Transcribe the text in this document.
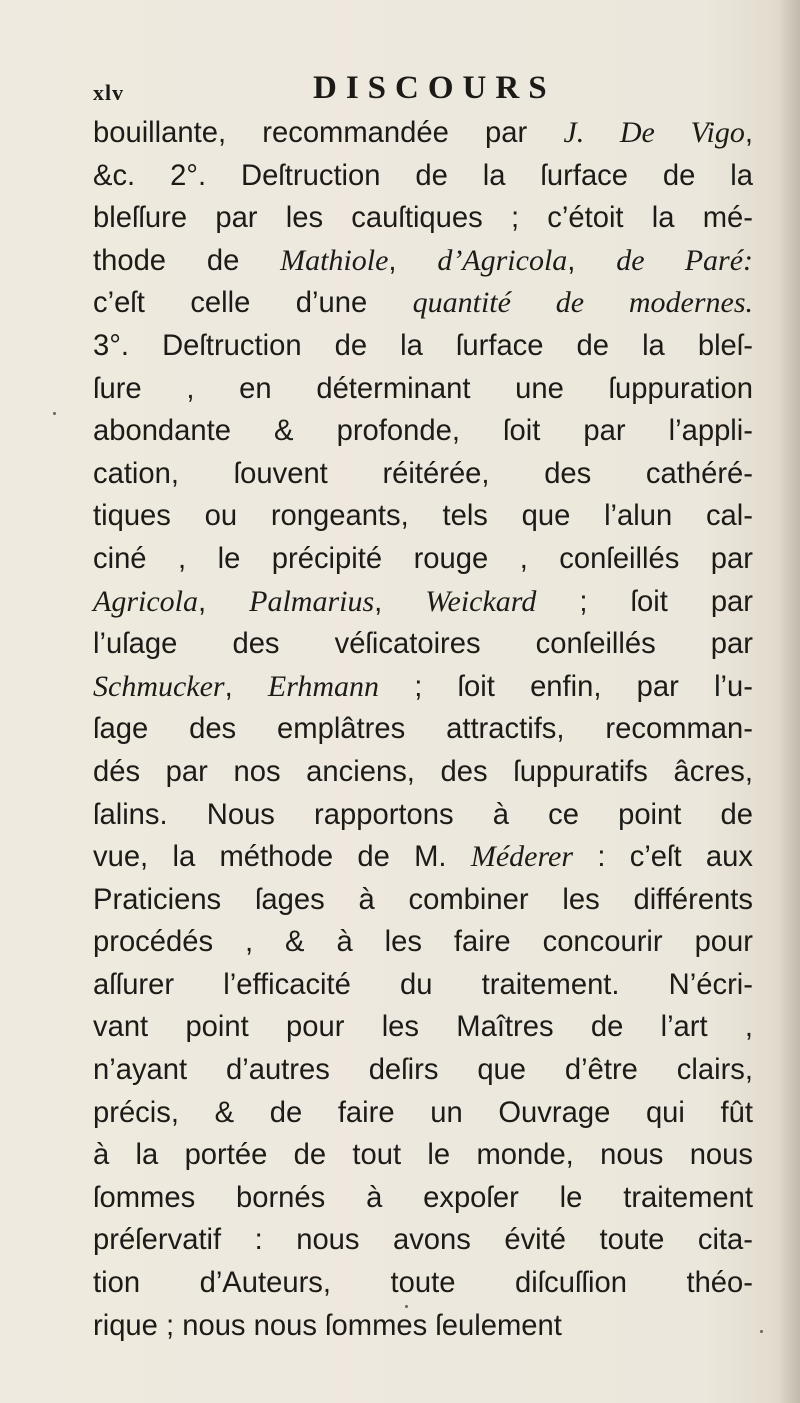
xlv	DISCOURS
bouillante, recommandée par J. De Vigo,
&c. 2°. Deſtruction de la ſurface de la
bleſſure par les cauſtiques ; c’étoit la mé-
thode de Mathiole, d’Agricola, de Paré:
c’eſt celle d’une quantité de modernes.
3°. Deſtruction de la ſurface de la bleſ-
ſure , en déterminant une ſuppuration
abondante & profonde, ſoit par l’appli-
cation, ſouvent réitérée, des cathéré-
tiques ou rongeants, tels que l’alun cal-
ciné , le précipité rouge , conſeillés par
Agricola, Palmarius, Weickard ; ſoit par
l’uſage des véſicatoires conſeillés par
Schmucker, Erhmann ; ſoit enfin, par l’u-
ſage des emplâtres attractifs, recomman-
dés par nos anciens, des ſuppuratifs âcres,
ſalins. Nous rapportons à ce point de
vue, la méthode de M. Méderer : c’eſt aux
Praticiens ſages à combiner les différents
procédés , & à les faire concourir pour
aſſurer l’efficacité du traitement. N’écri-
vant point pour les Maîtres de l’art ,
n’ayant d’autres deſirs que d’être clairs,
précis, & de faire un Ouvrage qui fût
à la portée de tout le monde, nous nous
ſommes bornés à expoſer le traitement
préſervatif : nous avons évité toute cita-
tion d’Auteurs, toute diſcuſſion théo-
rique ; nous nous ſommes ſeulement
